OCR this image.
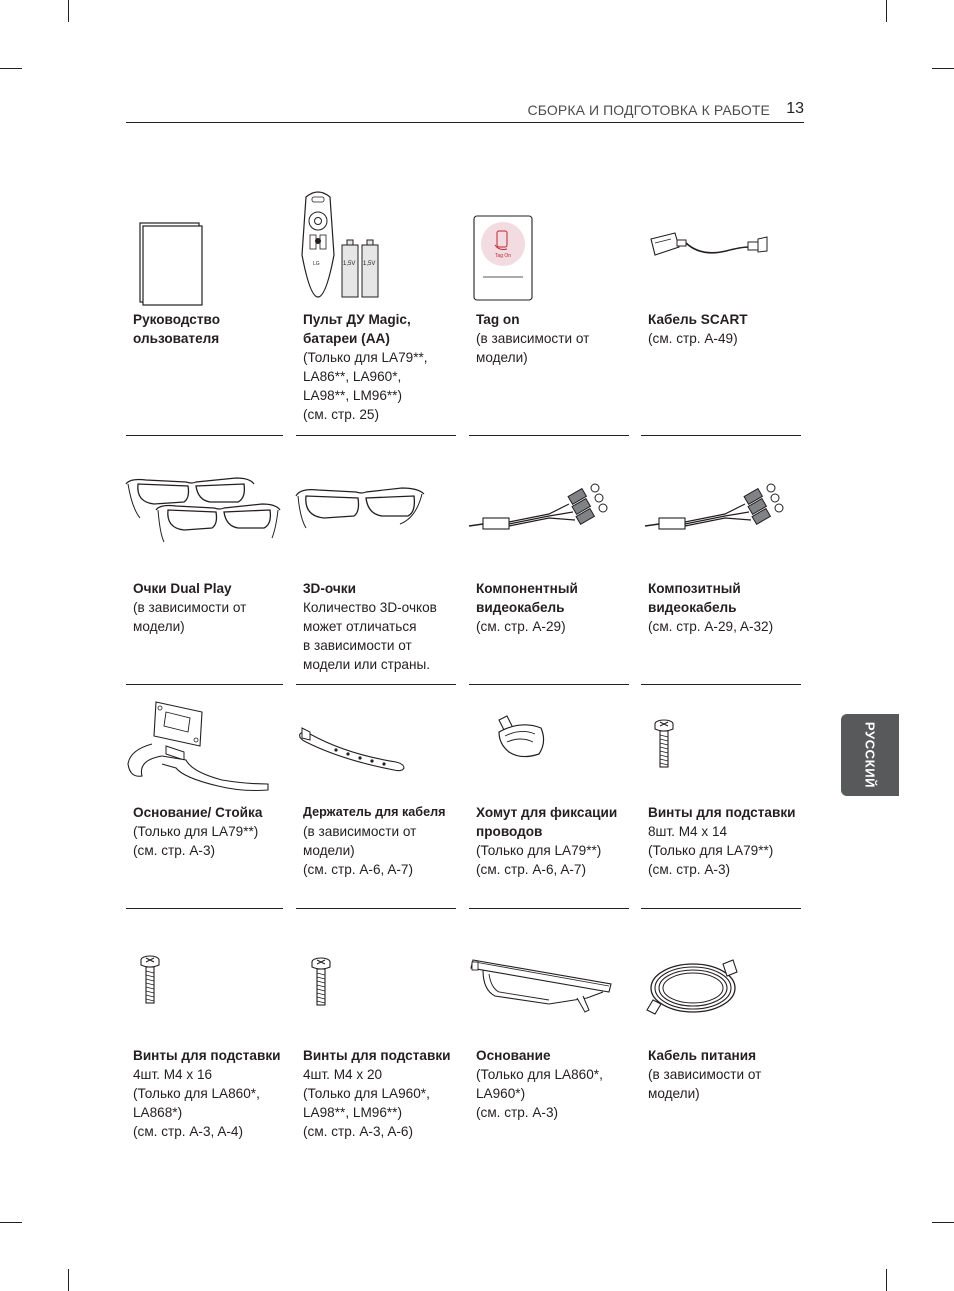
СБОРКА И ПОДГОТОВКА К РАБОТЕ 13
РУССКИЙ
Руководство ользователя
LG	1,5V 1,5V
Пульт ДУ Magic, батареи (AA)
(Только для LA79**,
LA86**, LA960*,
LA98**, LM96**)
(см. стр. 25)
Tag On
Tag on
(в зависимости от
модели)
Кабель SCART
(см. стр. A-49)
Очки Dual Play
(в зависимости от
модели)
3D-очки
Количество 3D-очков
может отличаться
в зависимости от
модели или страны.
Компонентный видеокабель
(см. стр. A-29)
Композитный видеокабель
(см. стр. A-29, A-32)
Основание/ Стойка
(Только для LA79**)
(см. стр. A-3)
Держатель для кабеля
(в зависимости от
модели)
(см. стр. A-6, A-7)
Хомут для фиксации проводов
(Только для LA79**)
(см. стр. A-6, A-7)
Винты для подставки
8шт. M4 x 14
(Только для LA79**)
(см. стр. A-3)
Винты для подставки
4шт. M4 x 16
(Только для LA860*,
LA868*)
(см. стр. A-3, A-4)
Винты для подставки
4шт. M4 x 20
(Только для LA960*,
LA98**, LM96**)
(см. стр. A-3, A-6)
Основание
(Только для LA860*,
LA960*)
(см. стр. A-3)
Кабель питания
(в зависимости от
модели)
